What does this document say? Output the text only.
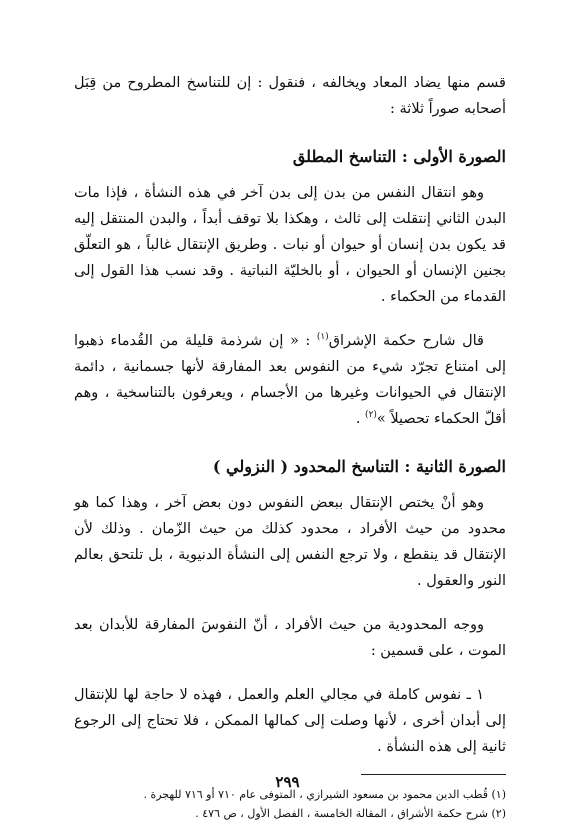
قسم منها يضاد المعاد ويخالفه ، فنقول : إن للتناسخ المطروح من قِبَل أصحابه صوراً ثلاثة :

الصورة الأولى : التناسخ المطلق

وهو انتقال النفس من بدن إلى بدن آخر في هذه النشأة ، فإذا مات البدن الثاني إنتقلت إلى ثالث ، وهكذا بلا توقف أبداً ، والبدن المنتقل إليه قد يكون بدن إنسان أو حيوان أو نبات . وطريق الإنتقال غالباً ، هو التعلّق بجنين الإنسان أو الحيوان ، أو بالخليّة النباتية . وقد نسب هذا القول إلى القدماء من الحكماء .

قال شارح حكمة الإشراق$^{(١)}$ : « إن شرذمة قليلة من القُدماء ذهبوا إلى امتناع تجرّد شيء من النفوس بعد المفارقة لأنها جسمانية ، دائمة الإنتقال في الحيوانات وغيرها من الأجسام ، ويعرفون بالتناسخية ، وهم أقلّ الحكماء تحصيلاً »$^{(٢)}$ .

الصورة الثانية : التناسخ المحدود ( النزولي )

وهو أنْ يختص الإنتقال ببعض النفوس دون بعض آخر ، وهذا كما هو محدود من حيث الأفراد ، محدود كذلك من حيث الزّمان . وذلك لأن الإنتقال قد ينقطع ، ولا ترجع النفس إلى النشأة الدنيوية ، بل تلتحق بعالم النور والعقول .

ووجه المحدودية من حيث الأفراد ، أنّ النفوسَ المفارقة للأبدان بعد الموت ، على قسمين :

١ ـ نفوس كاملة في مجالي العلم والعمل ، فهذه لا حاجة لها للإنتقال إلى أبدان أخرى ، لأنها وصلت إلى كمالها الممكن ، فلا تحتاج إلى الرجوع ثانية إلى هذه النشأة .

(١) قُطب الدين محمود بن مسعود الشيرازي ، المتوفى عام ٧١٠ أو ٧١٦ للهجرة .

(٢) شرح حكمة الأشراق ، المقالة الخامسة ، الفصل الأول ، ص ٤٧٦ .

٢٩٩
